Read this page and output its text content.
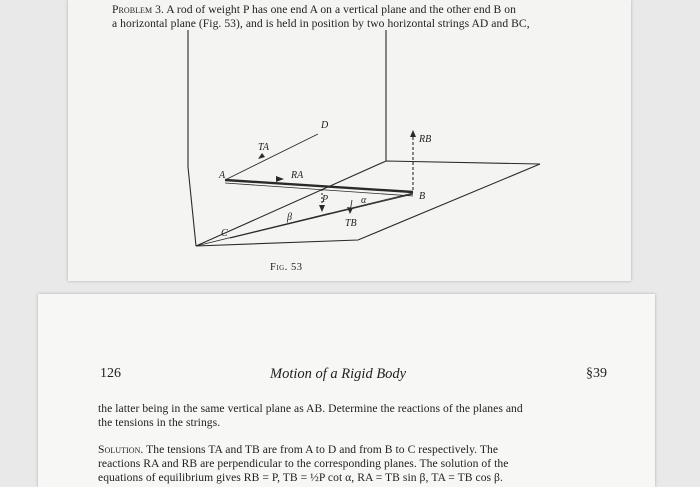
Problem 3. A rod of weight P has one end A on a vertical plane and the other end B on
a horizontal plane (Fig. 53), and is held in position by two horizontal strings AD and BC,

A
B
C
D
TA
RA
RB
TB
P	α
β
Fig. 53
126	Motion of a Rigid Body	§39

the latter being in the same vertical plane as AB. Determine the reactions of the planes and
the tensions in the strings.

Solution. The tensions TA and TB are from A to D and from B to C respectively. The
reactions RA and RB are perpendicular to the corresponding planes. The solution of the
equations of equilibrium gives RB = P, TB = ½P cot α, RA = TB sin β, TA = TB cos β.
